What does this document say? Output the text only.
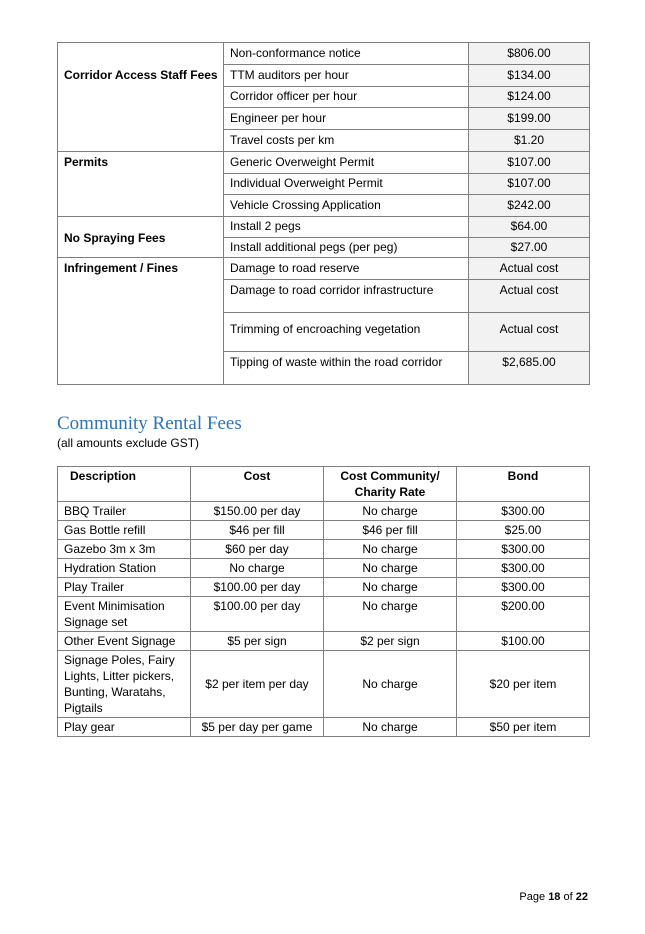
	Non-conformance notice	$806.00
Corridor Access Staff Fees	TTM auditors per hour	$134.00
	Corridor officer per hour	$124.00
	Engineer per hour	$199.00
	Travel costs per km	$1.20
Permits	Generic Overweight Permit	$107.00
	Individual Overweight Permit	$107.00
	Vehicle Crossing Application	$242.00
No Spraying Fees	Install 2 pegs	$64.00
	Install additional pegs (per peg)	$27.00
Infringement / Fines	Damage to road reserve	Actual cost
	Damage to road corridor infrastructure	Actual cost
	Trimming of encroaching vegetation	Actual cost
	Tipping of waste within the road corridor	$2,685.00
Community Rental Fees

(all amounts exclude GST)

Description	Cost	Cost Community/ Charity Rate	Bond
BBQ Trailer	$150.00 per day	No charge	$300.00
Gas Bottle refill	$46 per fill	$46 per fill	$25.00
Gazebo 3m x 3m	$60 per day	No charge	$300.00
Hydration Station	No charge	No charge	$300.00
Play Trailer	$100.00 per day	No charge	$300.00
Event Minimisation Signage set	$100.00 per day	No charge	$200.00
Other Event Signage	$5 per sign	$2 per sign	$100.00
Signage Poles, Fairy Lights, Litter pickers, Bunting, Waratahs, Pigtails	$2 per item per day	No charge	$20 per item
Play gear	$5 per day per game	No charge	$50 per item
Page 18 of 22
